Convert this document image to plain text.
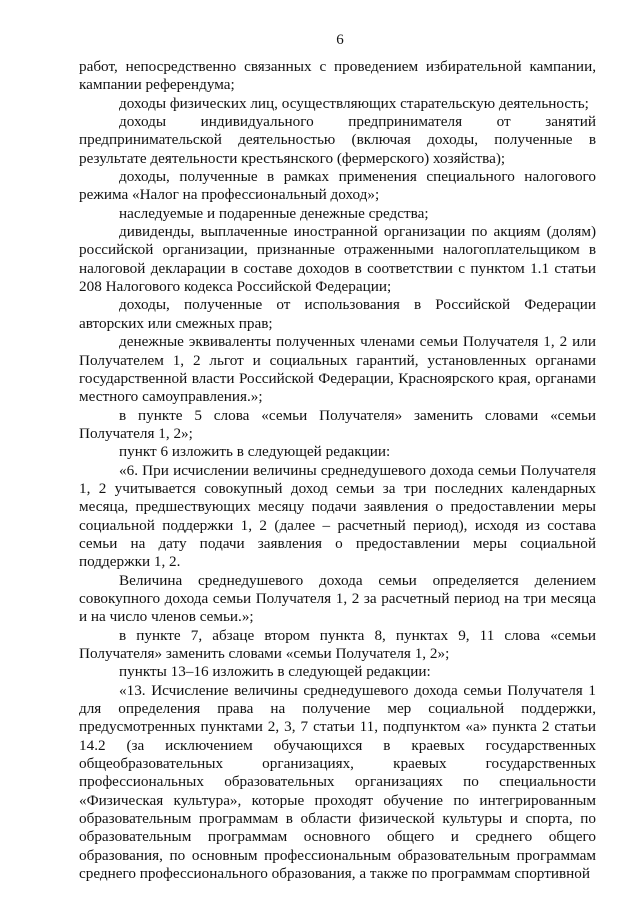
6

работ, непосредственно связанных с проведением избирательной кампании, кампании референдума;

доходы физических лиц, осуществляющих старательскую деятельность;

доходы индивидуального предпринимателя от занятий предпринимательской деятельностью (включая доходы, полученные в результате деятельности крестьянского (фермерского) хозяйства);

доходы, полученные в рамках применения специального налогового режима «Налог на профессиональный доход»;

наследуемые и подаренные денежные средства;

дивиденды, выплаченные иностранной организации по акциям (долям) российской организации, признанные отраженными налогоплательщиком в налоговой декларации в составе доходов в соответствии с пунктом 1.1 статьи 208 Налогового кодекса Российской Федерации;

доходы, полученные от использования в Российской Федерации авторских или смежных прав;

денежные эквиваленты полученных членами семьи Получателя 1, 2 или Получателем 1, 2 льгот и социальных гарантий, установленных органами государственной власти Российской Федерации, Красноярского края, органами местного самоуправления.»;

в пункте 5 слова «семьи Получателя» заменить словами «семьи Получателя 1, 2»;

пункт 6 изложить в следующей редакции:

«6. При исчислении величины среднедушевого дохода семьи Получателя 1, 2 учитывается совокупный доход семьи за три последних календарных месяца, предшествующих месяцу подачи заявления о предоставлении меры социальной поддержки 1, 2 (далее – расчетный период), исходя из состава семьи на дату подачи заявления о предоставлении меры социальной поддержки 1, 2.

Величина среднедушевого дохода семьи определяется делением совокупного дохода семьи Получателя 1, 2 за расчетный период на три месяца и на число членов семьи.»;

в пункте 7, абзаце втором пункта 8, пунктах 9, 11 слова «семьи Получателя» заменить словами «семьи Получателя 1, 2»;

пункты 13–16 изложить в следующей редакции:

«13. Исчисление величины среднедушевого дохода семьи Получателя 1 для определения права на получение мер социальной поддержки, предусмотренных пунктами 2, 3, 7 статьи 11, подпунктом «а» пункта 2 статьи 14.2 (за исключением обучающихся в краевых государственных общеобразовательных организациях, краевых государственных профессиональных образовательных организациях по специальности «Физическая культура», которые проходят обучение по интегрированным образовательным программам в области физической культуры и спорта, по образовательным программам основного общего и среднего общего образования, по основным профессиональным образовательным программам среднего профессионального образования, а также по программам спортивной
